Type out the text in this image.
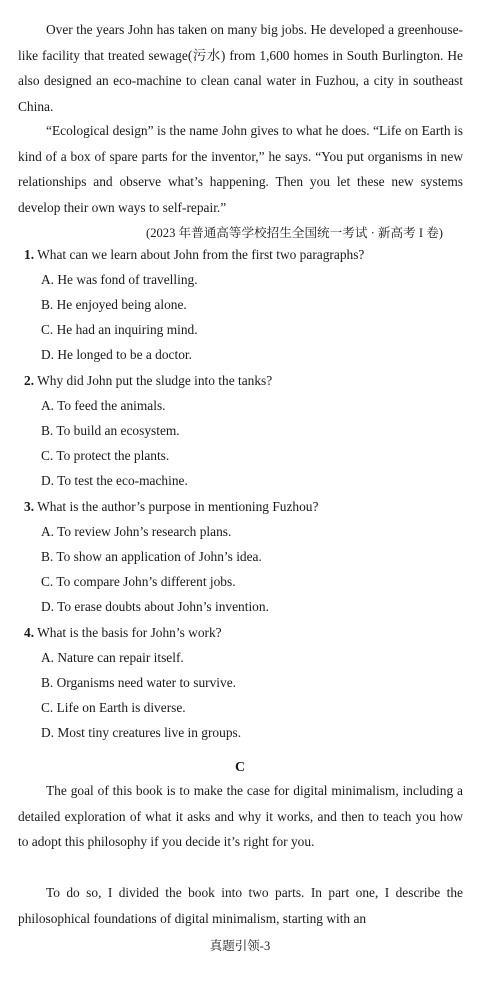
Over the years John has taken on many big jobs. He developed a greenhouse-like facility that treated sewage(污水) from 1,600 homes in South Burlington. He also designed an eco-machine to clean canal water in Fuzhou, a city in southeast China.

“Ecological design” is the name John gives to what he does. “Life on Earth is kind of a box of spare parts for the inventor,” he says. “You put organisms in new relationships and observe what’s happening. Then you let these new systems develop their own ways to self-repair.”

(2023 年普通高等学校招生全国统一考试 · 新高考 I 卷)
1. What can we learn about John from the first two paragraphs?
A. He was fond of travelling.
B. He enjoyed being alone.
C. He had an inquiring mind.
D. He longed to be a doctor.
2. Why did John put the sludge into the tanks?
A. To feed the animals.
B. To build an ecosystem.
C. To protect the plants.
D. To test the eco-machine.
3. What is the author’s purpose in mentioning Fuzhou?
A. To review John’s research plans.
B. To show an application of John’s idea.
C. To compare John’s different jobs.
D. To erase doubts about John’s invention.
4. What is the basis for John’s work?
A. Nature can repair itself.
B. Organisms need water to survive.
C. Life on Earth is diverse.
D. Most tiny creatures live in groups.
C

The goal of this book is to make the case for digital minimalism, including a detailed exploration of what it asks and why it works, and then to teach you how to adopt this philosophy if you decide it’s right for you.

To do so, I divided the book into two parts. In part one, I describe the philosophical foundations of digital minimalism, starting with an

真题引领-3
